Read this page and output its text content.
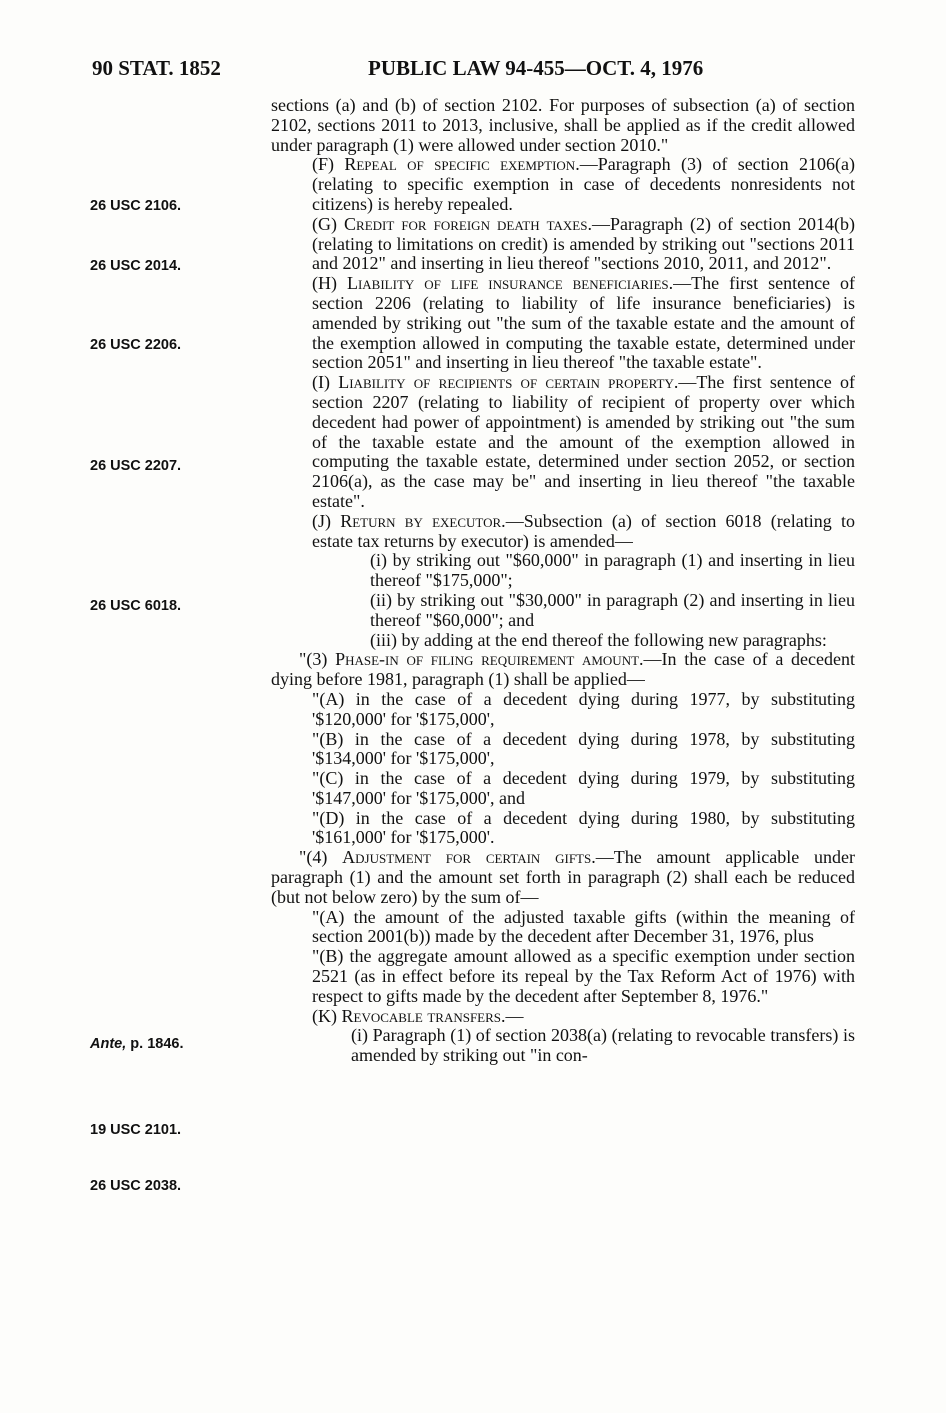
90 STAT. 1852	PUBLIC LAW 94-455—OCT. 4, 1976
26 USC 2106.
26 USC 2014.
26 USC 2206.
26 USC 2207.
26 USC 6018.
Ante, p. 1846.
19 USC 2101.
26 USC 2038.

sections (a) and (b) of section 2102. For purposes of subsection (a) of section 2102, sections 2011 to 2013, inclusive, shall be applied as if the credit allowed under paragraph (1) were allowed under section 2010."

(F) Repeal of specific exemption.—Paragraph (3) of section 2106(a) (relating to specific exemption in case of decedents nonresidents not citizens) is hereby repealed.

(G) Credit for foreign death taxes.—Paragraph (2) of section 2014(b) (relating to limitations on credit) is amended by striking out "sections 2011 and 2012" and inserting in lieu thereof "sections 2010, 2011, and 2012".

(H) Liability of life insurance beneficiaries.—The first sentence of section 2206 (relating to liability of life insurance beneficiaries) is amended by striking out "the sum of the taxable estate and the amount of the exemption allowed in computing the taxable estate, determined under section 2051" and inserting in lieu thereof "the taxable estate".

(I) Liability of recipients of certain property.—The first sentence of section 2207 (relating to liability of recipient of property over which decedent had power of appointment) is amended by striking out "the sum of the taxable estate and the amount of the exemption allowed in computing the taxable estate, determined under section 2052, or section 2106(a), as the case may be" and inserting in lieu thereof "the taxable estate".

(J) Return by executor.—Subsection (a) of section 6018 (relating to estate tax returns by executor) is amended—

(i) by striking out "$60,000" in paragraph (1) and inserting in lieu thereof "$175,000";

(ii) by striking out "$30,000" in paragraph (2) and inserting in lieu thereof "$60,000"; and

(iii) by adding at the end thereof the following new paragraphs:

"(3) Phase-in of filing requirement amount.—In the case of a decedent dying before 1981, paragraph (1) shall be applied—

"(A) in the case of a decedent dying during 1977, by substituting '$120,000' for '$175,000',

"(B) in the case of a decedent dying during 1978, by substituting '$134,000' for '$175,000',

"(C) in the case of a decedent dying during 1979, by substituting '$147,000' for '$175,000', and

"(D) in the case of a decedent dying during 1980, by substituting '$161,000' for '$175,000'.

"(4) Adjustment for certain gifts.—The amount applicable under paragraph (1) and the amount set forth in paragraph (2) shall each be reduced (but not below zero) by the sum of—

"(A) the amount of the adjusted taxable gifts (within the meaning of section 2001(b)) made by the decedent after December 31, 1976, plus

"(B) the aggregate amount allowed as a specific exemption under section 2521 (as in effect before its repeal by the Tax Reform Act of 1976) with respect to gifts made by the decedent after September 8, 1976."

(K) Revocable transfers.—

(i) Paragraph (1) of section 2038(a) (relating to revocable transfers) is amended by striking out "in con-
